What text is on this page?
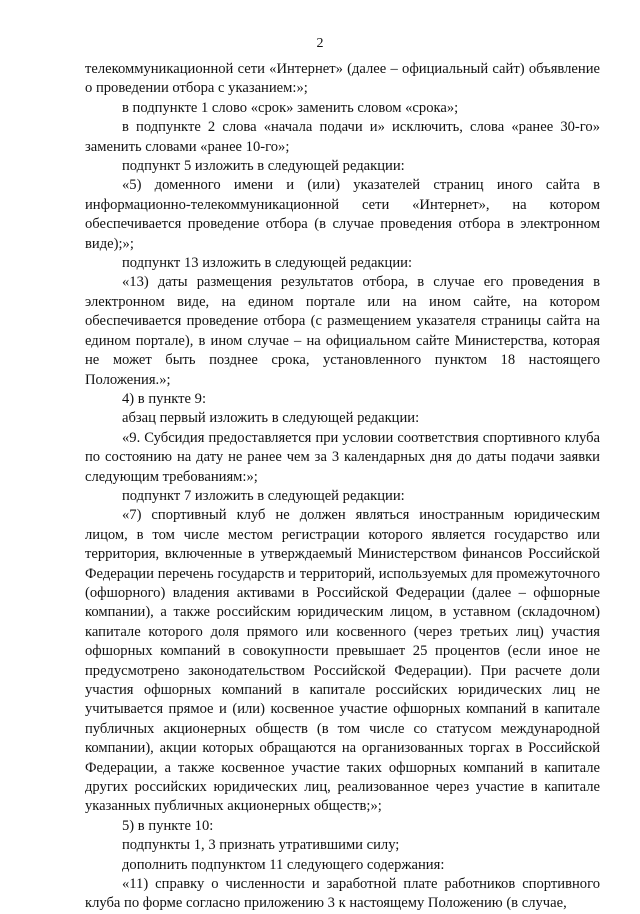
2

телекоммуникационной сети «Интернет» (далее – официальный сайт) объявление о проведении отбора с указанием:»;

в подпункте 1 слово «срок» заменить словом «срока»;

в подпункте 2 слова «начала подачи и» исключить, слова «ранее 30-го» заменить словами «ранее 10-го»;

подпункт 5 изложить в следующей редакции:

«5) доменного имени и (или) указателей страниц иного сайта в информационно-телекоммуникационной сети «Интернет», на котором обеспечивается проведение отбора (в случае проведения отбора в электронном виде);»;

подпункт 13 изложить в следующей редакции:

«13) даты размещения результатов отбора, в случае его проведения в электронном виде, на едином портале или на ином сайте, на котором обеспечивается проведение отбора (с размещением указателя страницы сайта на едином портале), в ином случае – на официальном сайте Министерства, которая не может быть позднее срока, установленного пунктом 18 настоящего Положения.»;

4) в пункте 9:

абзац первый изложить в следующей редакции:

«9. Субсидия предоставляется при условии соответствия спортивного клуба по состоянию на дату не ранее чем за 3 календарных дня до даты подачи заявки следующим требованиям:»;

подпункт 7 изложить в следующей редакции:

«7) спортивный клуб не должен являться иностранным юридическим лицом, в том числе местом регистрации которого является государство или территория, включенные в утверждаемый Министерством финансов Российской Федерации перечень государств и территорий, используемых для промежуточного (офшорного) владения активами в Российской Федерации (далее – офшорные компании), а также российским юридическим лицом, в уставном (складочном) капитале которого доля прямого или косвенного (через третьих лиц) участия офшорных компаний в совокупности превышает 25 процентов (если иное не предусмотрено законодательством Российской Федерации). При расчете доли участия офшорных компаний в капитале российских юридических лиц не учитывается прямое и (или) косвенное участие офшорных компаний в капитале публичных акционерных обществ (в том числе со статусом международной компании), акции которых обращаются на организованных торгах в Российской Федерации, а также косвенное участие таких офшорных компаний в капитале других российских юридических лиц, реализованное через участие в капитале указанных публичных акционерных обществ;»;

5) в пункте 10:

подпункты 1, 3 признать утратившими силу;

дополнить подпунктом 11 следующего содержания:

«11) справку о численности и заработной плате работников спортивного клуба по форме согласно приложению 3 к настоящему Положению (в случае,
